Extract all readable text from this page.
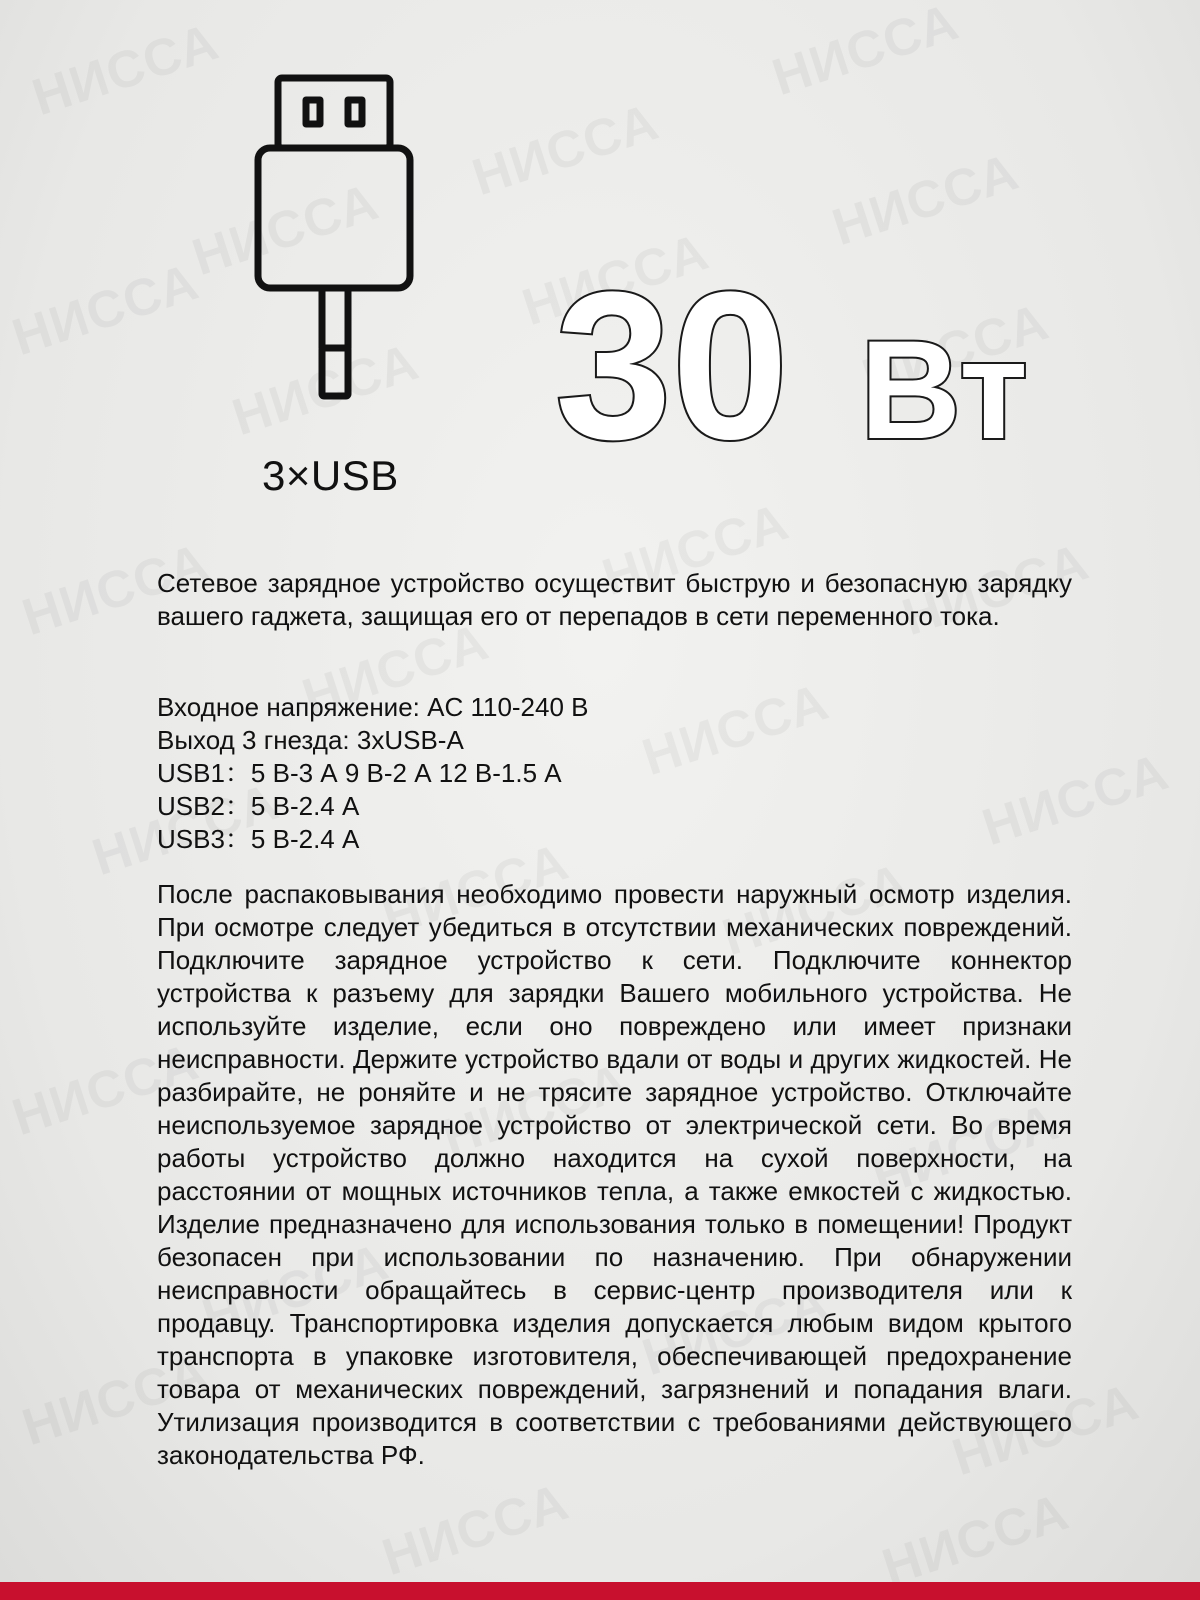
3×USB 30 Вт
Сетевое зарядное устройство осуществит быструю и безопасную зарядку вашего гаджета, защищая его от перепадов в сети переменного тока.
Входное напряжение: AC 110-240 В
Выход 3 гнезда: 3хUSB-A
USB1：5 В-3 А 9 В-2 А 12 В-1.5 А
USB2：5 В-2.4 А
USB3：5 В-2.4 А
После распаковывания необходимо провести наружный осмотр изделия. При осмотре следует убедиться в отсутствии механических повреждений. Подключите зарядное устройство к сети. Подключите коннектор устройства к разъему для зарядки Вашего мобильного устройства. Не используйте изделие, если оно повреждено или имеет признаки неисправности. Держите устройство вдали от воды и других жидкостей. Не разбирайте, не роняйте и не трясите зарядное устройство. Отключайте неиспользуемое зарядное устройство от электрической сети. Во время работы устройство должно находится на сухой поверхности, на расстоянии от мощных источников тепла, а также емкостей с жидкостью. Изделие предназначено для использования только в помещении! Продукт безопасен при использовании по назначению. При обнаружении неисправности обращайтесь в сервис-центр производителя или к продавцу. Транспортировка изделия допускается любым видом крытого транспорта в упаковке изготовителя, обеспечивающей предохранение товара от механических повреждений, загрязнений и попадания влаги. Утилизация производится в соответствии с требованиями действующего законодательства РФ.
